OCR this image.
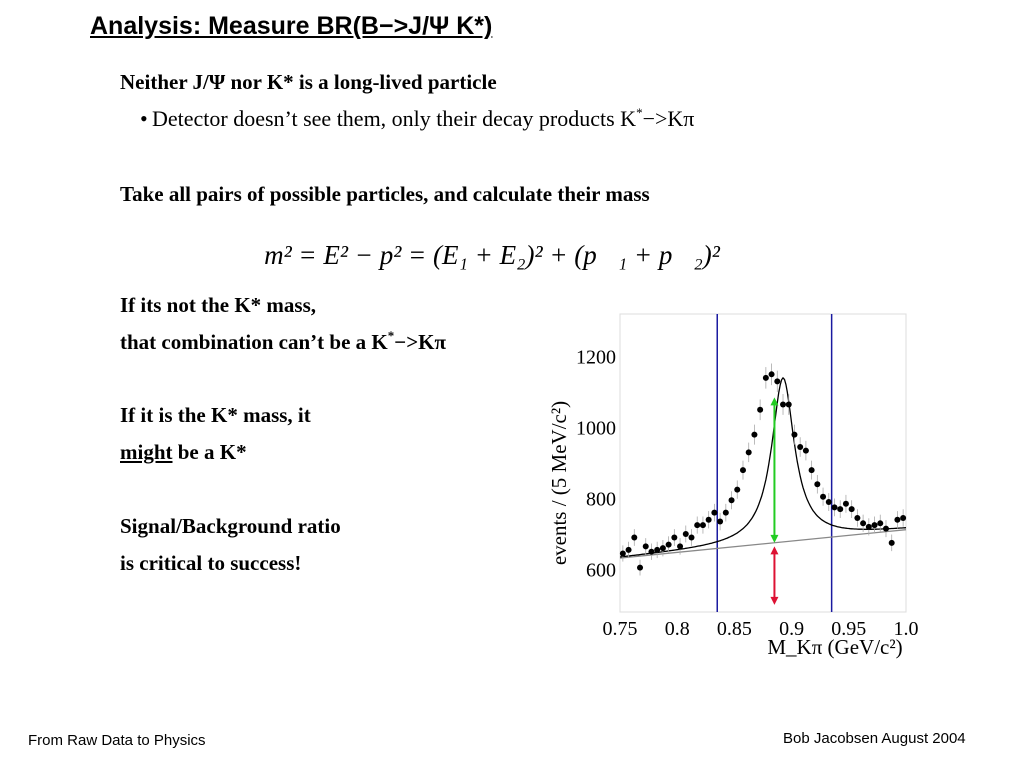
Analysis: Measure BR(B−>J/Ψ K*)
Neither J/Ψ nor K* is a long-lived particle
• Detector doesn’t see them, only their decay products K*−>Kπ
Take all pairs of possible particles, and calculate their mass
m² = E² − p² = (E₁ + E₂)² + (p⃗₁ + p⃗₂)²
If its not the K* mass,
that combination can’t be a K*−>Kπ
If it is the K* mass, it
might be a K*
Signal/Background ratio
is critical to success!
0.75 0.8 0.85 0.9 0.95 1.0
600
800
1000
1200
events / (5 MeV/c²)
M_Kπ (GeV/c²)
From Raw Data to Physics	Bob Jacobsen August 2004
